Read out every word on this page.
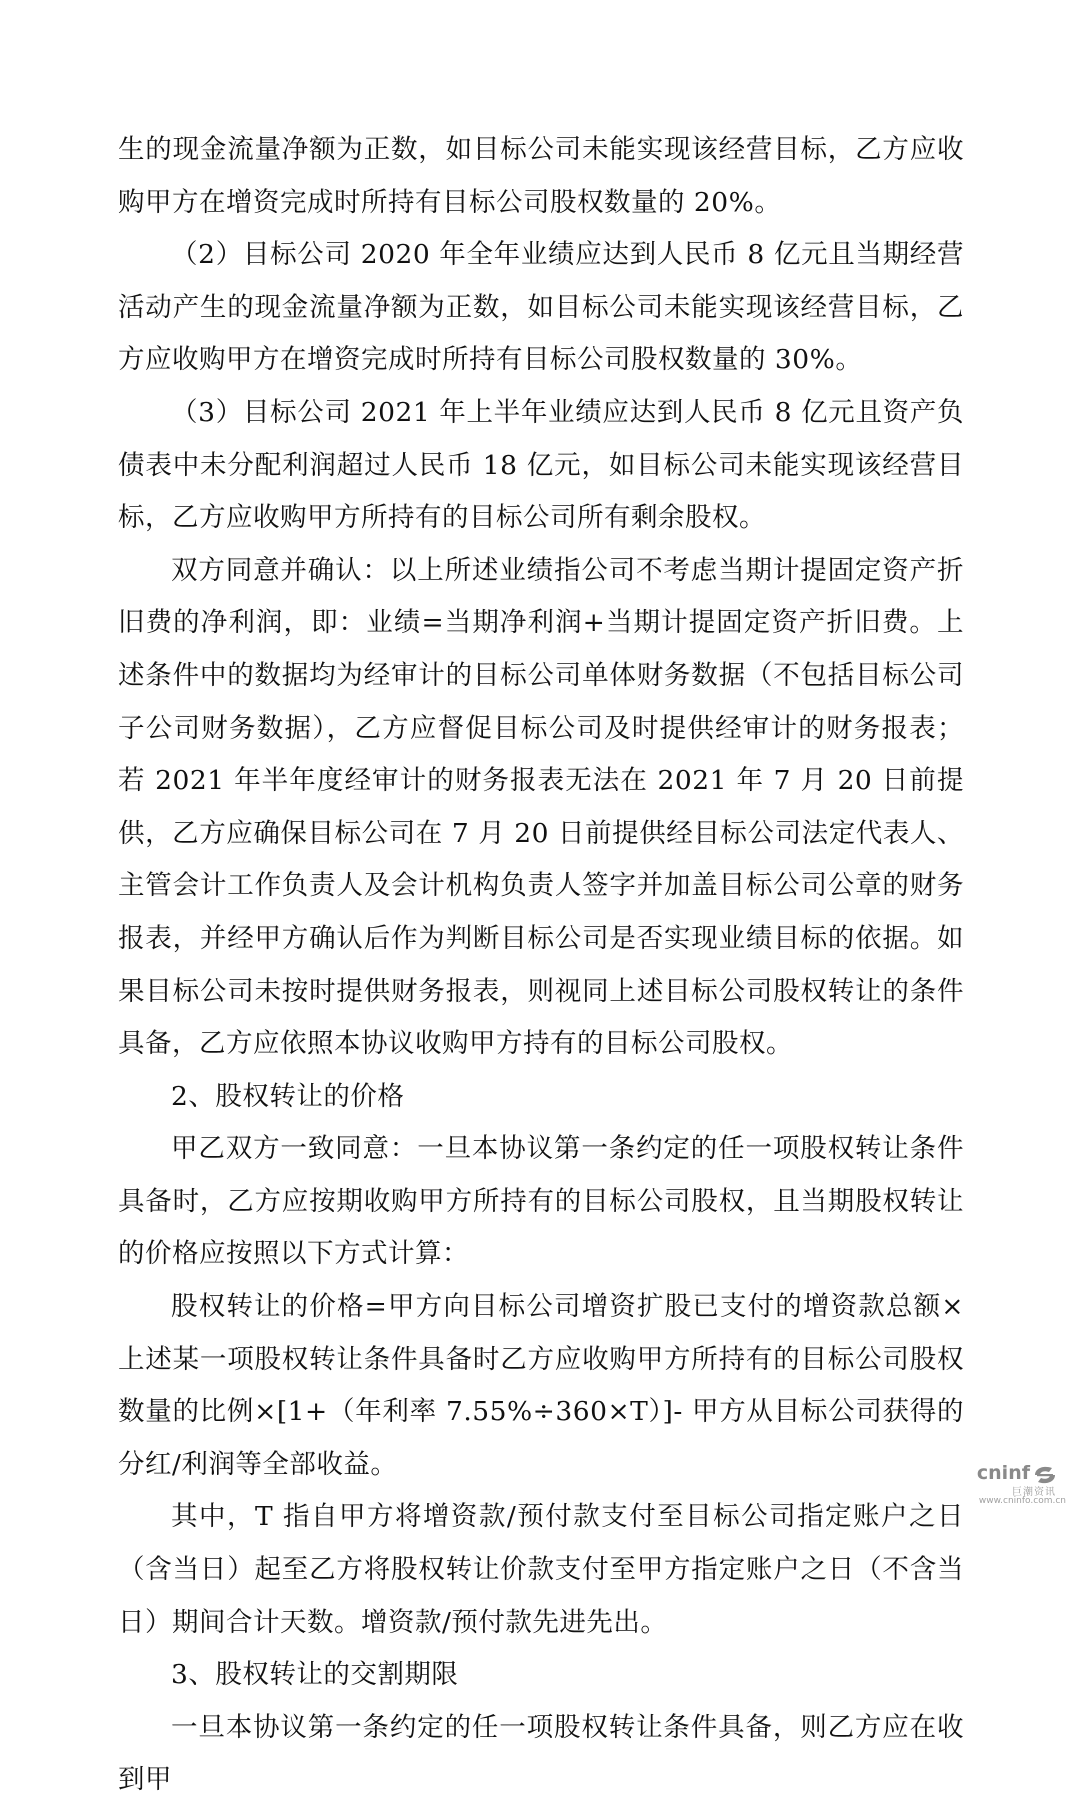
生的现金流量净额为正数，如目标公司未能实现该经营目标，乙方应收购甲方在增资完成时所持有目标公司股权数量的 20%。

（2）目标公司 2020 年全年业绩应达到人民币 8 亿元且当期经营活动产生的现金流量净额为正数，如目标公司未能实现该经营目标，乙方应收购甲方在增资完成时所持有目标公司股权数量的 30%。

（3）目标公司 2021 年上半年业绩应达到人民币 8 亿元且资产负债表中未分配利润超过人民币 18 亿元，如目标公司未能实现该经营目标，乙方应收购甲方所持有的目标公司所有剩余股权。

双方同意并确认：以上所述业绩指公司不考虑当期计提固定资产折旧费的净利润，即：业绩=当期净利润+当期计提固定资产折旧费。上述条件中的数据均为经审计的目标公司单体财务数据（不包括目标公司子公司财务数据），乙方应督促目标公司及时提供经审计的财务报表；若 2021 年半年度经审计的财务报表无法在 2021 年 7 月 20 日前提供，乙方应确保目标公司在 7 月 20 日前提供经目标公司法定代表人、主管会计工作负责人及会计机构负责人签字并加盖目标公司公章的财务报表，并经甲方确认后作为判断目标公司是否实现业绩目标的依据。如果目标公司未按时提供财务报表，则视同上述目标公司股权转让的条件具备，乙方应依照本协议收购甲方持有的目标公司股权。

2、股权转让的价格

甲乙双方一致同意：一旦本协议第一条约定的任一项股权转让条件具备时，乙方应按期收购甲方所持有的目标公司股权，且当期股权转让的价格应按照以下方式计算：

股权转让的价格=甲方向目标公司增资扩股已支付的增资款总额×上述某一项股权转让条件具备时乙方应收购甲方所持有的目标公司股权数量的比例×[1+（年利率 7.55%÷360×T）]- 甲方从目标公司获得的分红/利润等全部收益。

其中，T 指自甲方将增资款/预付款支付至目标公司指定账户之日（含当日）起至乙方将股权转让价款支付至甲方指定账户之日（不含当日）期间合计天数。增资款/预付款先进先出。

3、股权转让的交割期限

一旦本协议第一条约定的任一项股权转让条件具备，则乙方应在收到甲

cninf
巨潮资讯
www.cninfo.com.cn
